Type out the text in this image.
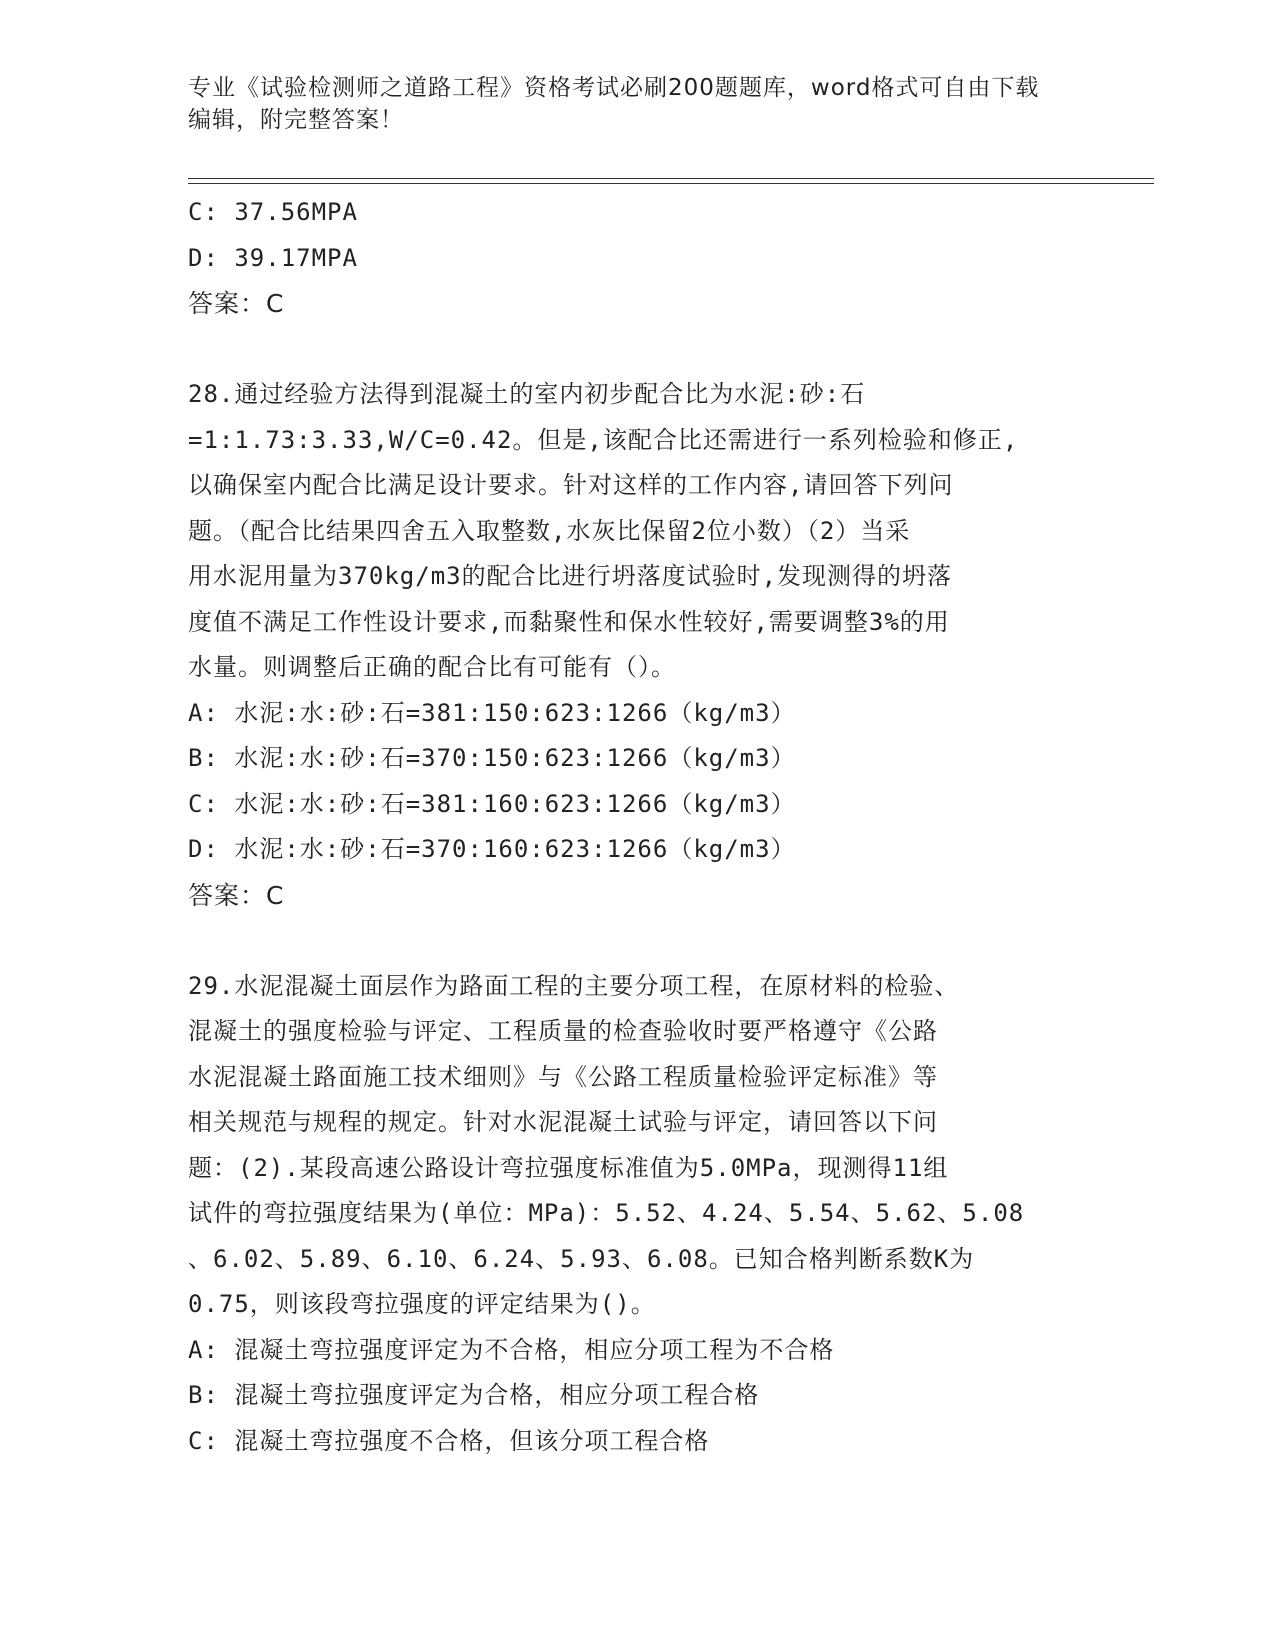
专业《试验检测师之道路工程》资格考试必刷200题题库，word格式可自由下载
编辑，附完整答案！
C: 37.56MPA
D: 39.17MPA
答案：C
28.通过经验方法得到混凝土的室内初步配合比为水泥:砂:石
=1:1.73:3.33,W/C=0.42。但是,该配合比还需进行一系列检验和修正,
以确保室内配合比满足设计要求。针对这样的工作内容,请回答下列问
题。（配合比结果四舍五入取整数,水灰比保留2位小数）（2）当采
用水泥用量为370kg/m3的配合比进行坍落度试验时,发现测得的坍落
度值不满足工作性设计要求,而黏聚性和保水性较好,需要调整3%的用
水量。则调整后正确的配合比有可能有（）。
A: 水泥:水:砂:石=381:150:623:1266（kg/m3）
B: 水泥:水:砂:石=370:150:623:1266（kg/m3）
C: 水泥:水:砂:石=381:160:623:1266（kg/m3）
D: 水泥:水:砂:石=370:160:623:1266（kg/m3）
答案：C
29.水泥混凝土面层作为路面工程的主要分项工程，在原材料的检验、
混凝土的强度检验与评定、工程质量的检查验收时要严格遵守《公路
水泥混凝土路面施工技术细则》与《公路工程质量检验评定标准》等
相关规范与规程的规定。针对水泥混凝土试验与评定，请回答以下问
题：(2).某段高速公路设计弯拉强度标准值为5.0MPa，现测得11组
试件的弯拉强度结果为(单位：MPa)：5.52、4.24、5.54、5.62、5.08
、6.02、5.89、6.10、6.24、5.93、6.08。已知合格判断系数K为
0.75，则该段弯拉强度的评定结果为()。
A: 混凝土弯拉强度评定为不合格，相应分项工程为不合格
B: 混凝土弯拉强度评定为合格，相应分项工程合格
C: 混凝土弯拉强度不合格，但该分项工程合格
